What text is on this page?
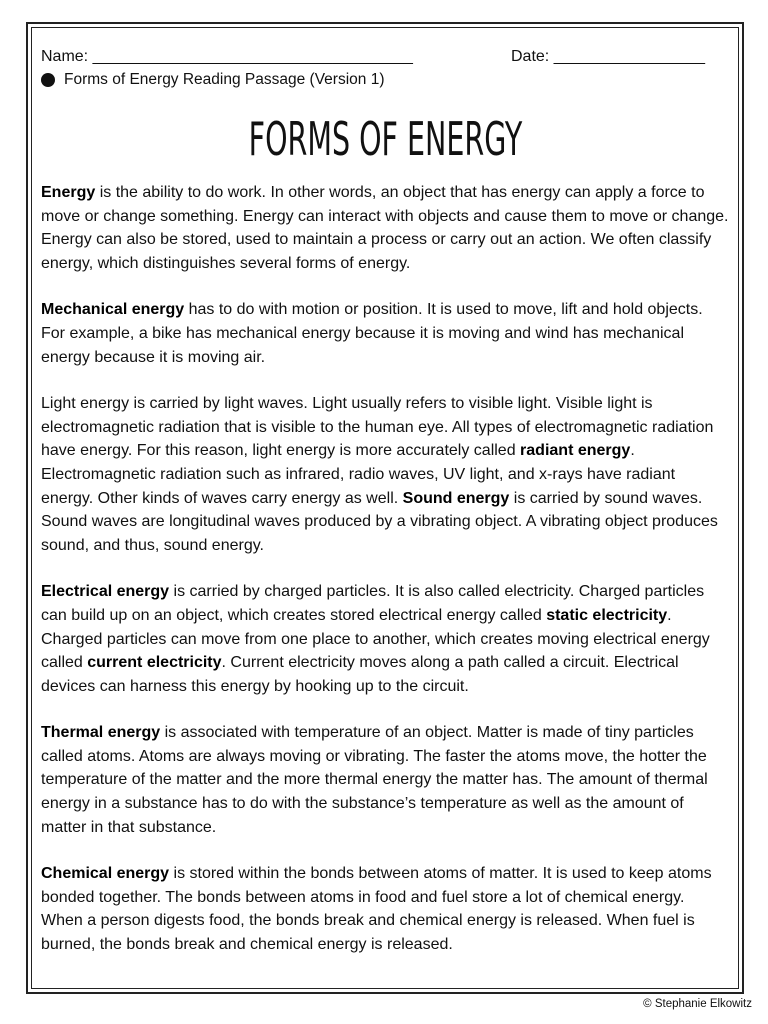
Name: ____________________________________	Date: _________________
Forms of Energy Reading Passage (Version 1)
FORMS OF ENERGY

Energy is the ability to do work. In other words, an object that has energy can apply a force to move or change something. Energy can interact with objects and cause them to move or change. Energy can also be stored, used to maintain a process or carry out an action. We often classify energy, which distinguishes several forms of energy.

Mechanical energy has to do with motion or position. It is used to move, lift and hold objects. For example, a bike has mechanical energy because it is moving and wind has mechanical energy because it is moving air.

Light energy is carried by light waves. Light usually refers to visible light. Visible light is electromagnetic radiation that is visible to the human eye. All types of electromagnetic radiation have energy. For this reason, light energy is more accurately called radiant energy. Electromagnetic radiation such as infrared, radio waves, UV light, and x-rays have radiant energy. Other kinds of waves carry energy as well. Sound energy is carried by sound waves. Sound waves are longitudinal waves produced by a vibrating object. A vibrating object produces sound, and thus, sound energy.

Electrical energy is carried by charged particles. It is also called electricity. Charged particles can build up on an object, which creates stored electrical energy called static electricity. Charged particles can move from one place to another, which creates moving electrical energy called current electricity. Current electricity moves along a path called a circuit. Electrical devices can harness this energy by hooking up to the circuit.

Thermal energy is associated with temperature of an object. Matter is made of tiny particles called atoms. Atoms are always moving or vibrating. The faster the atoms move, the hotter the temperature of the matter and the more thermal energy the matter has. The amount of thermal energy in a substance has to do with the substance’s temperature as well as the amount of matter in that substance.

Chemical energy is stored within the bonds between atoms of matter. It is used to keep atoms bonded together. The bonds between atoms in food and fuel store a lot of chemical energy. When a person digests food, the bonds break and chemical energy is released. When fuel is burned, the bonds break and chemical energy is released.

© Stephanie Elkowitz
